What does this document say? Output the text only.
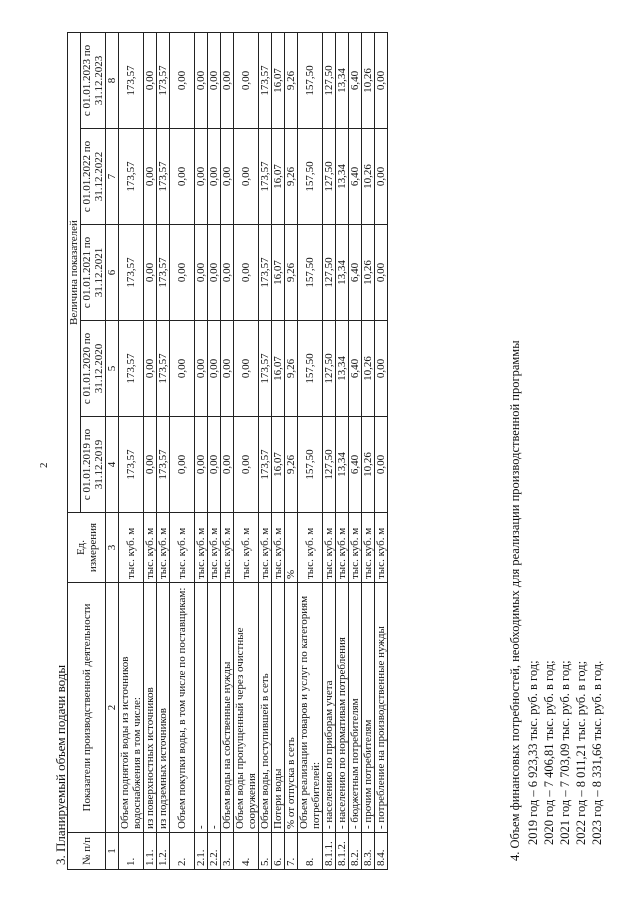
2
3. Планируемый объем подачи воды № п/п	Показатели производственной деятельности	Ед. измерения	Величина показателей				
			с 01.01.2019 по 31.12.2019	с 01.01.2020 по 31.12.2020	с 01.01.2021 по 31.12.2021	с 01.01.2022 по 31.12.2022	с 01.01.2023 по 31.12.2023
1	2	3	4	5	6	7	8
1.	Объем поднятой воды из источников водоснабжения в том числе:	тыс. куб. м	173,57	173,57	173,57	173,57	173,57
1.1.	из поверхностных источников	тыс. куб. м	0,00	0,00	0,00	0,00	0,00
1.2.	из подземных источников	тыс. куб. м	173,57	173,57	173,57	173,57	173,57
2.	Объем покупки воды, в том числе по поставщикам:	тыс. куб. м	0,00	0,00	0,00	0,00	0,00
2.1.	-	тыс. куб. м	0,00	0,00	0,00	0,00	0,00
2.2.	-	тыс. куб. м	0,00	0,00	0,00	0,00	0,00
3.	Объем воды на собственные нужды	тыс. куб. м	0,00	0,00	0,00	0,00	0,00
4.	Объем воды пропущенный через очистные сооружения	тыс. куб. м	0,00	0,00	0,00	0,00	0,00
5.	Объем воды, поступившей в сеть	тыс. куб. м	173,57	173,57	173,57	173,57	173,57
6.	Потери воды	тыс. куб. м	16,07	16,07	16,07	16,07	16,07
7.	% от отпуска в сеть	%	9,26	9,26	9,26	9,26	9,26
8.	Объем реализации товаров и услуг по категориям потребителей:	тыс. куб. м	157,50	157,50	157,50	157,50	157,50
8.1.1.	- населению по приборам учета	тыс. куб. м	127,50	127,50	127,50	127,50	127,50
8.1.2.	- населению по нормативам потребления	тыс. куб. м	13,34	13,34	13,34	13,34	13,34
8.2.	- бюджетным потребителям	тыс. куб. м	6,40	6,40	6,40	6,40	6,40
8.3.	- прочим потребителям	тыс. куб. м	10,26	10,26	10,26	10,26	10,26
8.4.	- потребление на производственные нужды	тыс. куб. м	0,00	0,00	0,00	0,00	0,00
4. Объем финансовых потребностей, необходимых для реализации производственной программы 2019 год – 6 923,33 тыс. руб. в год; 2020 год – 7 406,81 тыс. руб. в год; 2021 год – 7 703,09 тыс. руб. в год; 2022 год – 8 011,21 тыс. руб. в год; 2023 год – 8 331,66 тыс. руб. в год.
